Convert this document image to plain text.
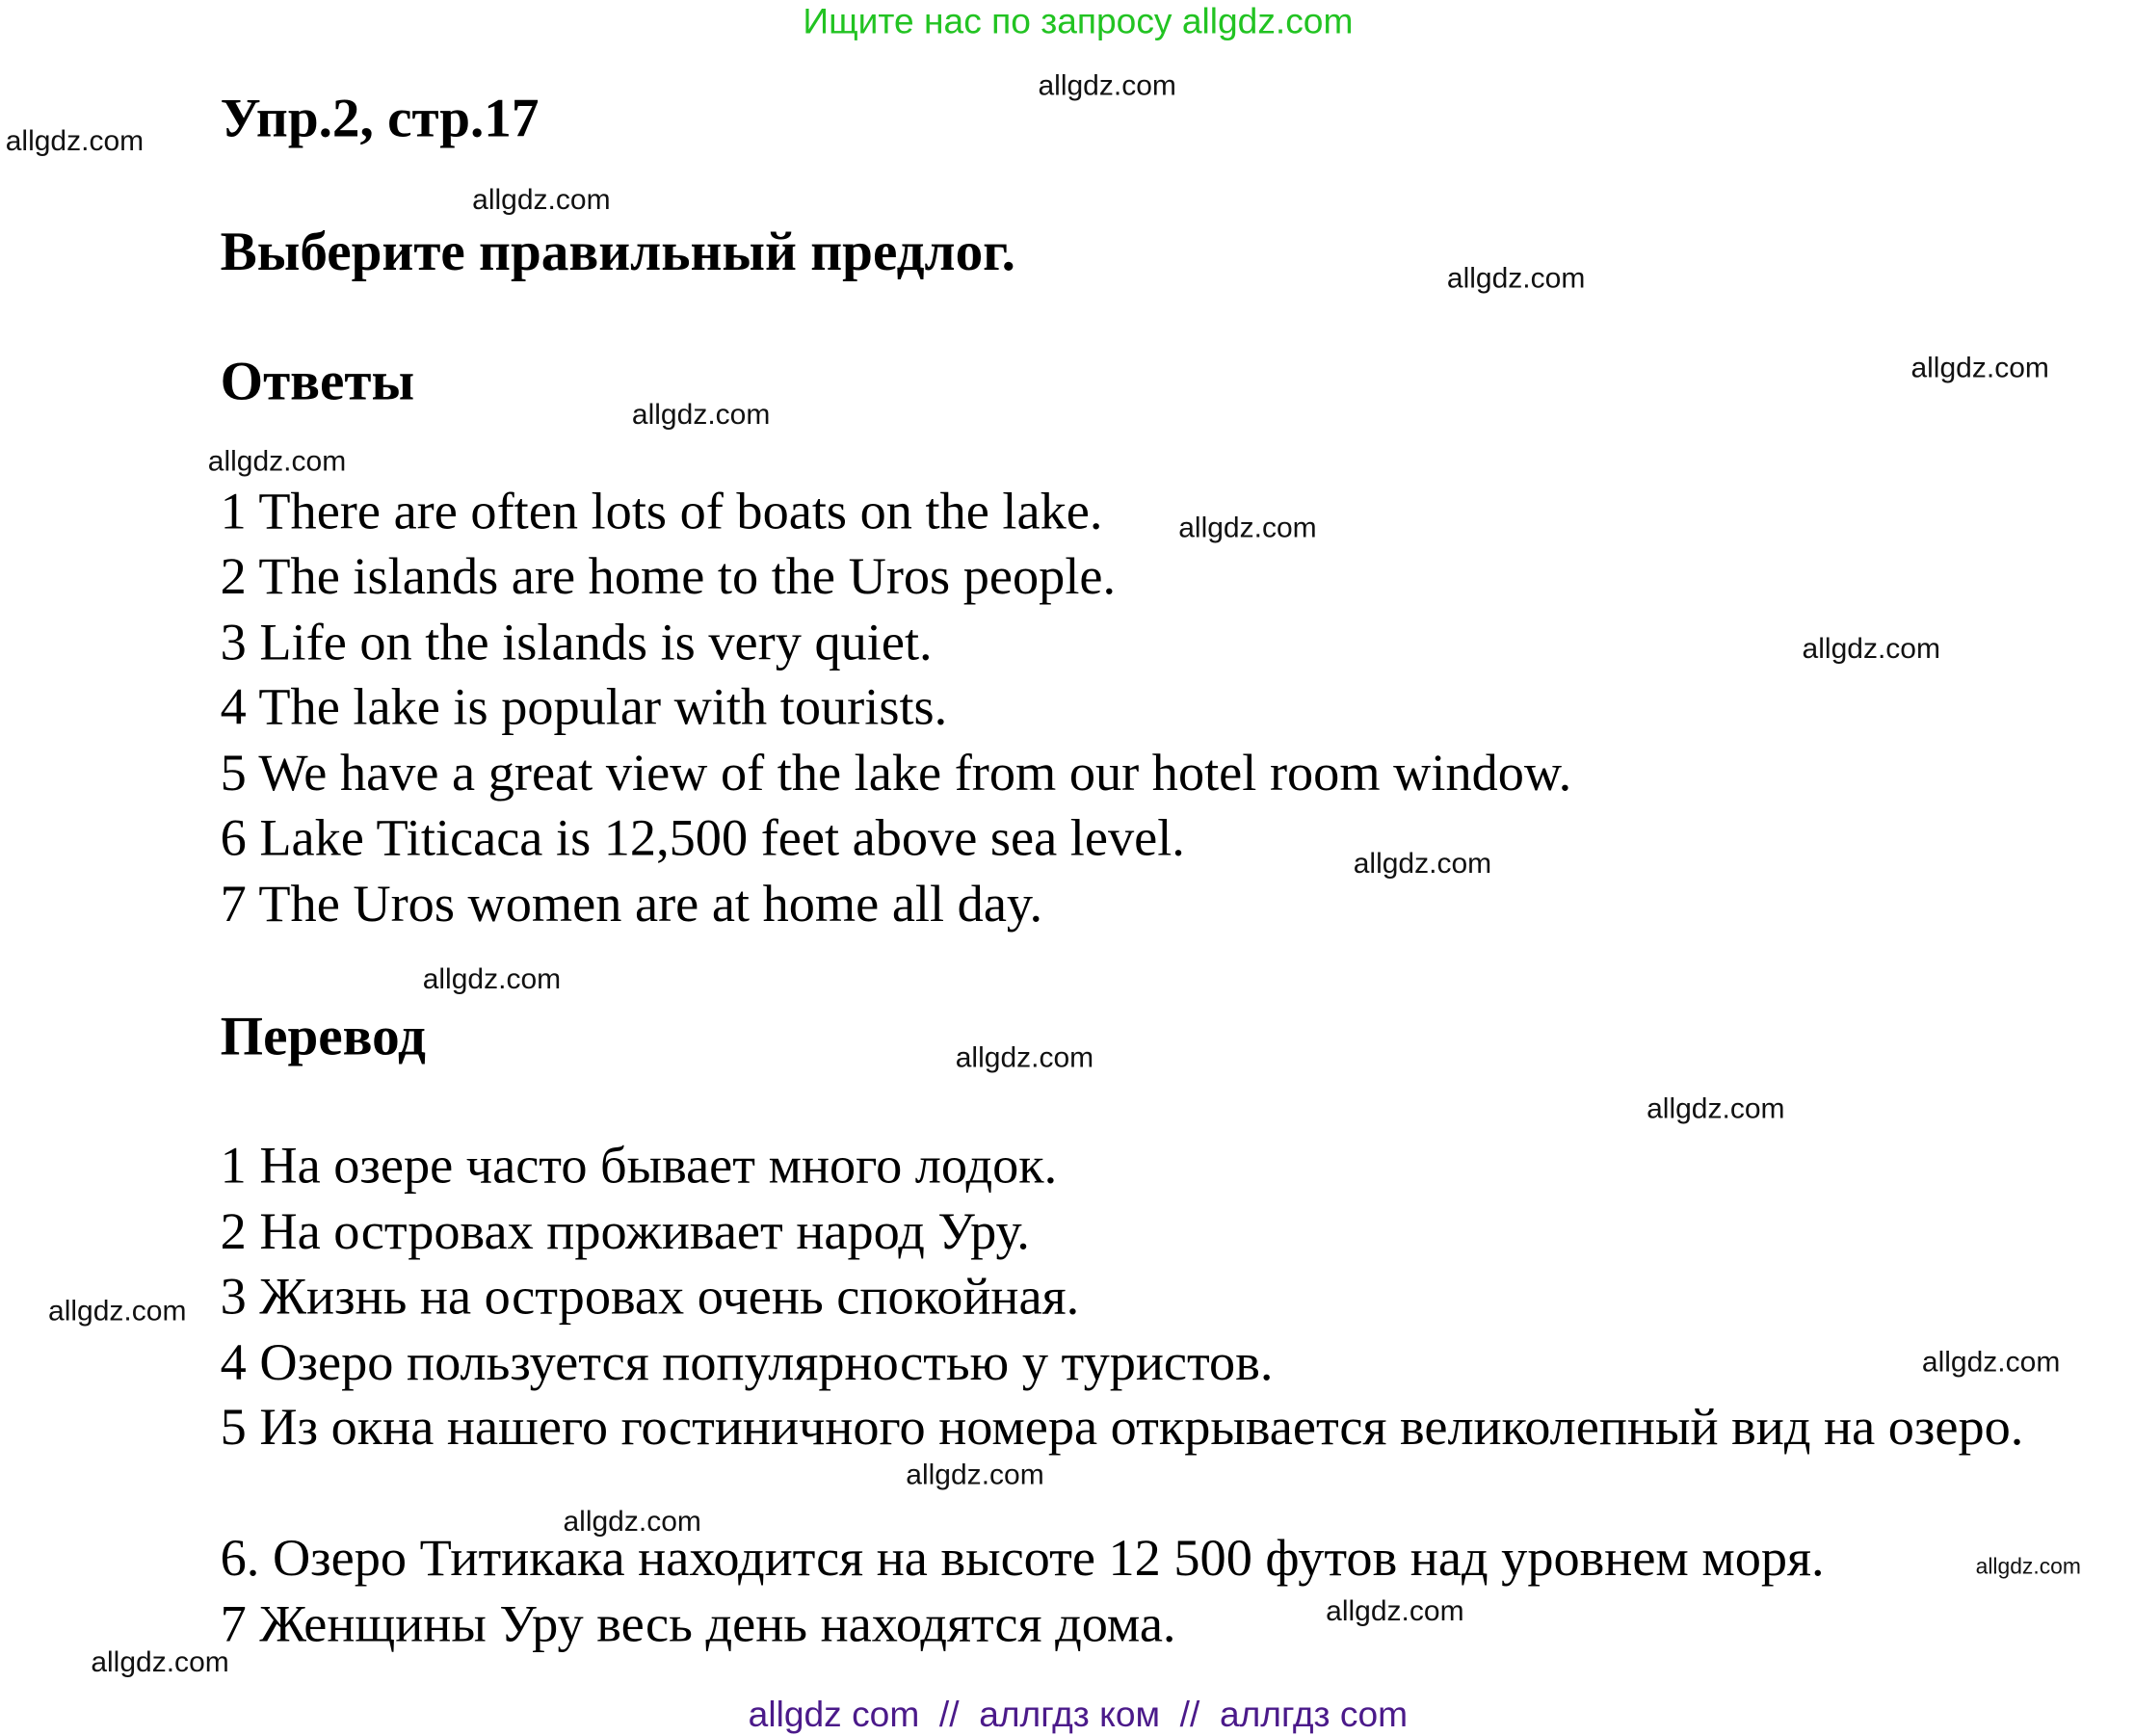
Ищите нас по запросу allgdz.com
Упр.2, стр.17
Выберите правильный предлог.
Ответы
1 There are often lots of boats on the lake.
2 The islands are home to the Uros people.
3 Life on the islands is very quiet.
4 The lake is popular with tourists.
5 We have a great view of the lake from our hotel room window.
6 Lake Titicaca is 12,500 feet above sea level.
7 The Uros women are at home all day.
Перевод
1 На озере часто бывает много лодок.
2 На островах проживает народ Уру.
3 Жизнь на островах очень спокойная.
4 Озеро пользуется популярностью у туристов.
5 Из окна нашего гостиничного номера открывается великолепный вид на озеро.
6. Озеро Титикака находится на высоте 12 500 футов над уровнем моря.
7 Женщины Уру весь день находятся дома.
allgdz.com
allgdz.com
allgdz.com
allgdz.com
allgdz.com
allgdz.com
allgdz.com
allgdz.com
allgdz.com
allgdz.com
allgdz.com
allgdz.com
allgdz.com
allgdz.com
allgdz.com
allgdz.com
allgdz.com
allgdz.com
allgdz.com
allgdz.com
allgdz com  //  аллгдз ком  //  аллгдз com
